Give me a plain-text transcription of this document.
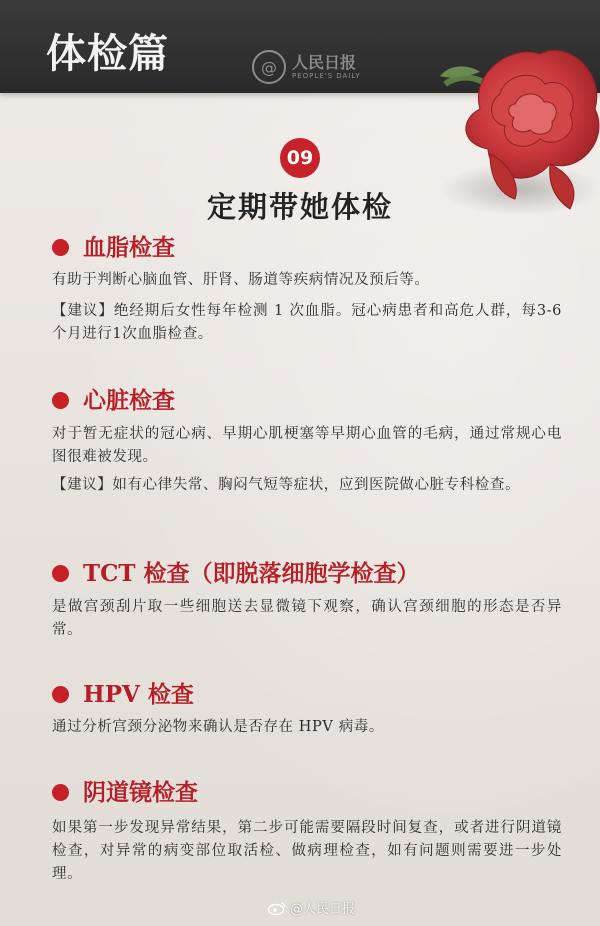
体检篇	@ 人民日报
PEOPLE'S DAILY
09
定期带她体检
血脂检查
有助于判断心脑血管、肝肾、肠道等疾病情况及预后等。
【建议】绝经期后女性每年检测 1 次血脂。冠心病患者和高危人群，每3-6个月进行1次血脂检查。
心脏检查
对于暂无症状的冠心病、早期心肌梗塞等早期心血管的毛病，通过常规心电图很难被发现。
【建议】如有心律失常、胸闷气短等症状，应到医院做心脏专科检查。
TCT 检查（即脱落细胞学检查）
是做宫颈刮片取一些细胞送去显微镜下观察，确认宫颈细胞的形态是否异常。
HPV 检查
通过分析宫颈分泌物来确认是否存在 HPV 病毒。
阴道镜检查
如果第一步发现异常结果，第二步可能需要隔段时间复查，或者进行阴道镜检查，对异常的病变部位取活检、做病理检查，如有问题则需要进一步处理。
@人民日报
